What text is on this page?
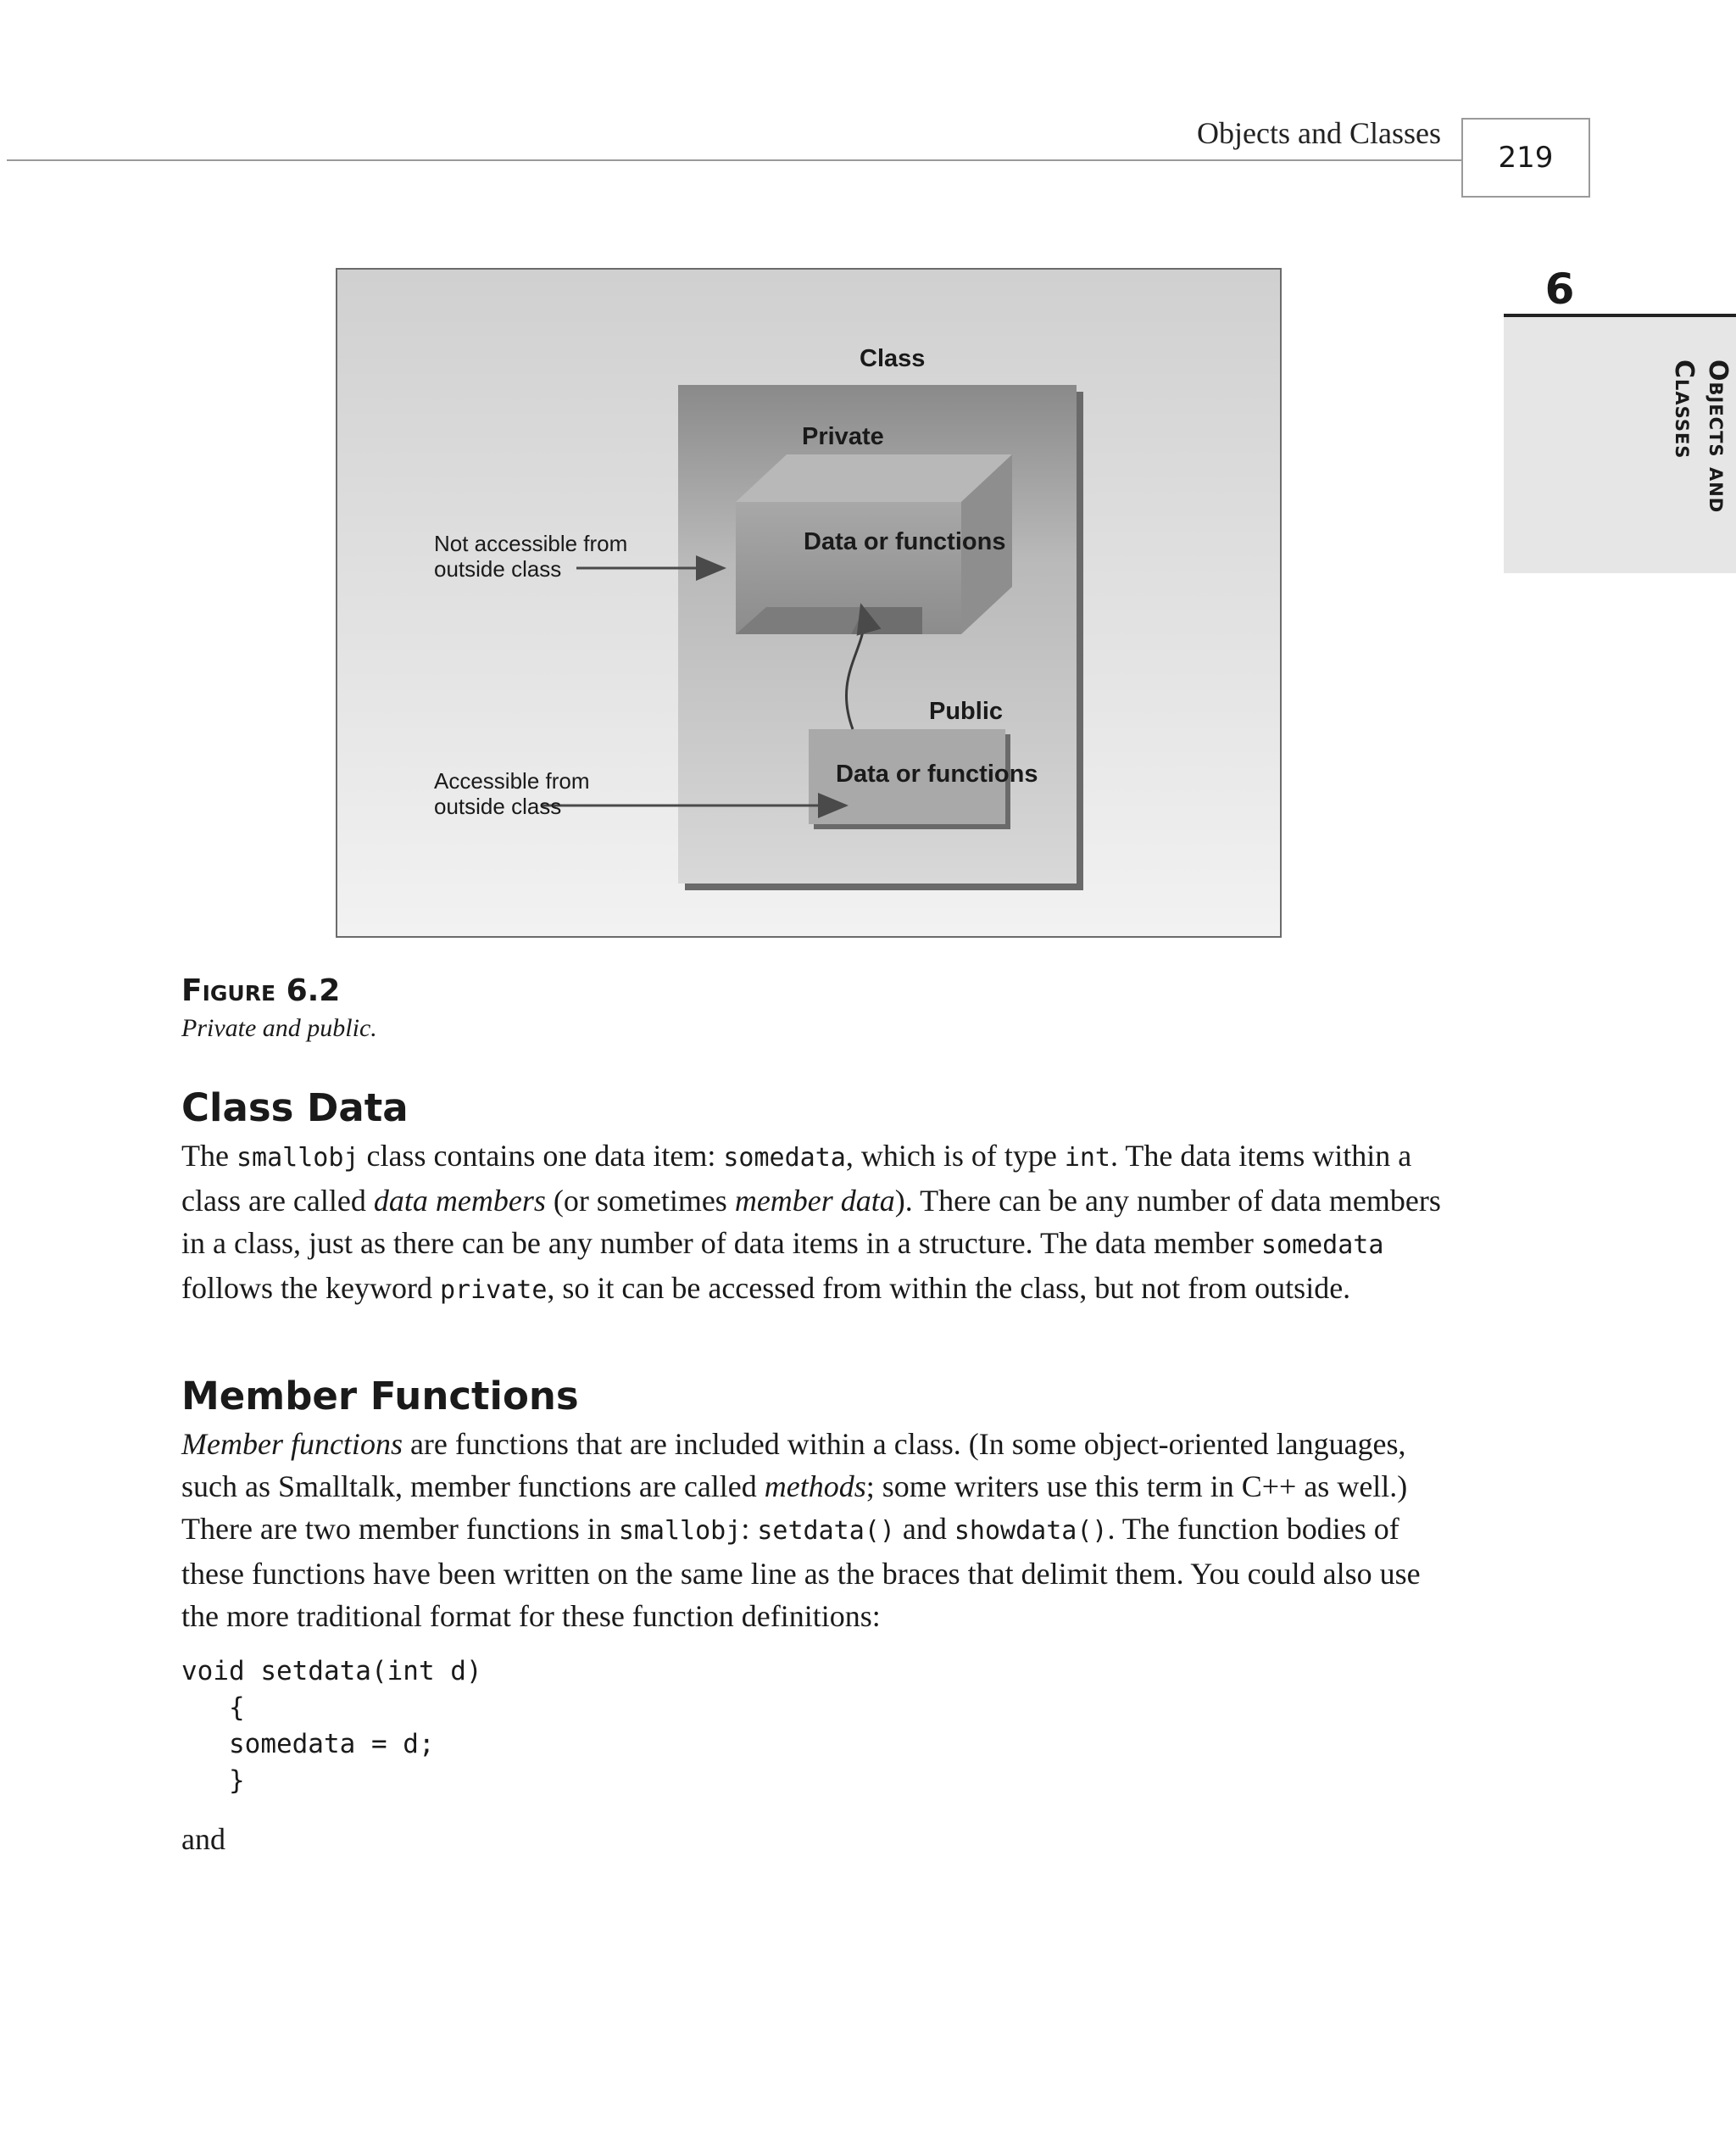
Objects and Classes
219
6
Objects and
Classes
Class
Private
Data or functions
Public
Data or functions
Not accessible from
outside class
Accessible from
outside class
Figure 6.2
Private and public.
Class Data
The smallobj class contains one data item: somedata, which is of type int. The data items within a class are called data members (or sometimes member data). There can be any number of data members in a class, just as there can be any number of data items in a structure. The data member somedata follows the keyword private, so it can be accessed from within the class, but not from outside.
Member Functions
Member functions are functions that are included within a class. (In some object-oriented languages, such as Smalltalk, member functions are called methods; some writers use this term in C++ as well.) There are two member functions in smallobj: setdata() and showdata(). The function bodies of these functions have been written on the same line as the braces that delimit them. You could also use the more traditional format for these function definitions:
void setdata(int d)
{
somedata = d;
}
and
